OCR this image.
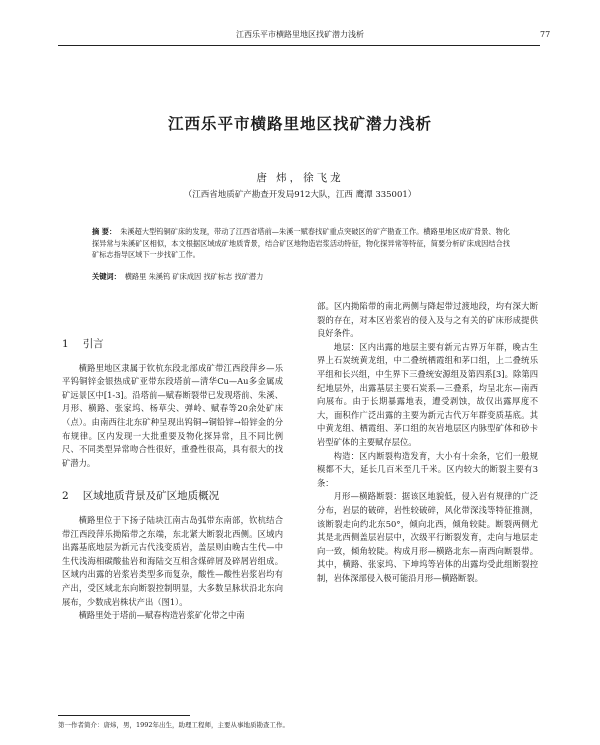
江西乐平市横路里地区找矿潜力浅析	77
江西乐平市横路里地区找矿潜力浅析
唐 炜，徐飞龙
（江西省地质矿产勘查开发局912大队，江西 鹰潭 335001）
摘 要： 朱溪超大型钨铜矿床的发现，带动了江西省塔前—朱溪一赋春找矿重点突破区的矿产勘查工作。横路里地区成矿背景、物化探异常与朱溪矿区相似，本文根据区域成矿地质背景，结合矿区地物造岩浆活动特征，物化探异常等特征，简要分析矿床成因结合找矿标志指导区域下一步找矿工作。
关键词： 横路里 朱溪钨 矿床成因 找矿标志 找矿潜力
1 引言

横路里地区隶属于钦杭东段北部成矿带江西段萍乡—乐平钨铜锌金银热成矿亚带东段塔前—清华Cu—Au多金属成矿远景区中[1-3]。沿塔前—赋春断裂带已发现塔前、朱溪、月形、横路、张家坞、杨草尖、弹岭、赋春等20余处矿床（点）。由南西往北东矿种呈现出钨铜→铜铅锌→铅锌金的分布规律。区内发现一大批重要及物化探异常，且不同比例尺、不同类型异常吻合性很好，重叠性很高，具有很大的找矿潜力。

2 区域地质背景及矿区地质概况

横路里位于下扬子陆块江南古岛弧带东南部，钦杭结合带江西段萍乐拗陷带之东端，东北紧大断裂北西侧。区域内出露基底地层为新元古代浅变质岩，盖层则由晚古生代—中生代浅海相碳酸盐岩和海陆交互相含煤碎屑及碎屑岩组成。区域内出露的岩浆岩类型多而复杂，酸性—酸性岩浆岩均有产出，受区域北东向断裂控制明显，大多数呈脉状沿北东向展布，少数成岩株状产出（图1）。

横路里处于塔前—赋春构造岩浆矿化带之中南

部。区内拗陷带的南北两侧与降起带过渡地段，均有深大断裂的存在，对本区岩浆岩的侵入及与之有关的矿床形成提供良好条件。

地层：区内出露的地层主要有新元古界万年群，晚古生界上石炭统黄龙组，中二叠统栖霞组和茅口组，上二叠统乐平组和长兴组，中生界下三叠统安源组及第四系[3]。除第四纪地层外，出露基层主要石炭系—三叠系，均呈北东—南西向展布。由于长期暴露地表，遭受剥蚀，故仅出露厚度不大，面积作广泛出露的主要为新元古代万年群变质基底。其中黄龙组、栖霞组、茅口组的灰岩地层区内脉型矿体和砂卡岩型矿体的主要赋存层位。

构造：区内断裂构造发育，大小有十余条，它们一般规模都不大，延长几百米至几千米。区内较大的断裂主要有3条：

月形—横路断裂：据该区地貌低，侵入岩有规律的广泛分布，岩层的破碎，岩性较破碎，风化带深浅等特征推测，该断裂走向约北东50°，倾向北西，倾角较陡。断裂两侧尤其是北西侧盖层岩层中，次级平行断裂发育，走向与地层走向一致，倾角较陡。构成月形—横路北东—南西向断裂带。其中，横路、张家坞、下坤坞等岩体的出露均受此组断裂控制，岩体深部侵入极可能沿月形—横路断裂。

第一作者简介：唐炜，男，1992年出生，助理工程师，主要从事地质勘查工作。
